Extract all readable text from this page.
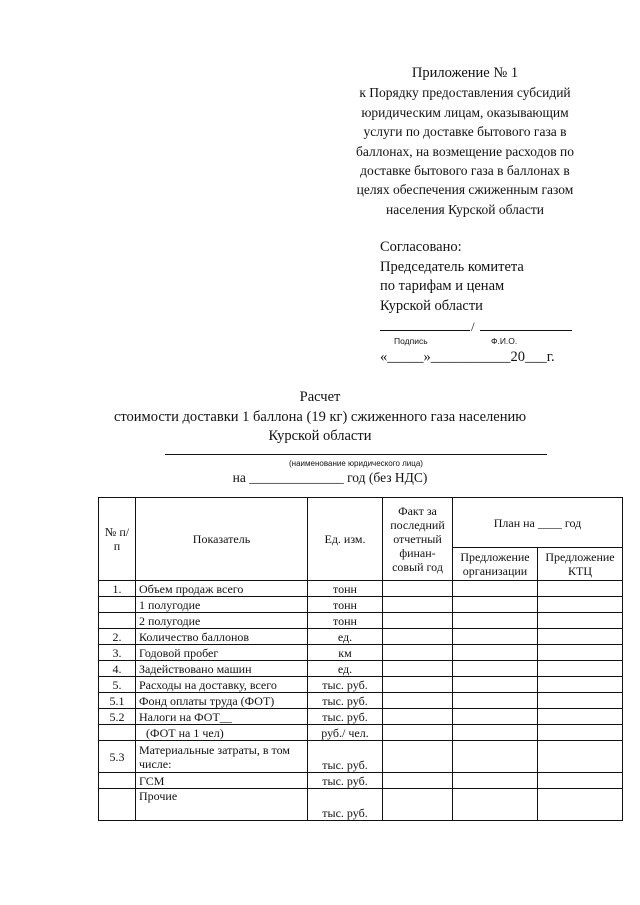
Приложение № 1
к Порядку предоставления субсидий
юридическим лицам, оказывающим
услуги по доставке бытового газа в
баллонах, на возмещение расходов по
доставке бытового газа в баллонах в
целях обеспечения сжиженным газом
населения Курской области
Согласовано:
Председатель комитета
по тарифам и ценам
Курской области
/
Подпись	Ф.И.О.
«_____»___________20___г.
Расчет
стоимости доставки 1 баллона (19 кг) сжиженного газа населению
Курской области
(наименование юридического лица)
на ______________ год (без НДС)
№ п/п	Показатель	Ед. изм.	Факт за последний отчетный финан-совый год	План на ____ год	
				Предложение организации	Предложение КТЦ
1.	Объем продаж всего	тонн			
	1 полугодие	тонн			
	2 полугодие	тонн			
2.	Количество баллонов	ед.			
3.	Годовой пробег	км			
4.	Задействовано машин	ед.			
5.	Расходы на доставку, всего	тыс. руб.			
5.1	Фонд оплаты труда (ФОТ)	тыс. руб.			
5.2	Налоги на ФОТ__	тыс. руб.			
	(ФОТ на 1 чел)	руб./ чел.			
5.3	Материальные затраты, в том числе:	тыс. руб.			
	ГСМ	тыс. руб.			
	Прочие	тыс. руб.			
